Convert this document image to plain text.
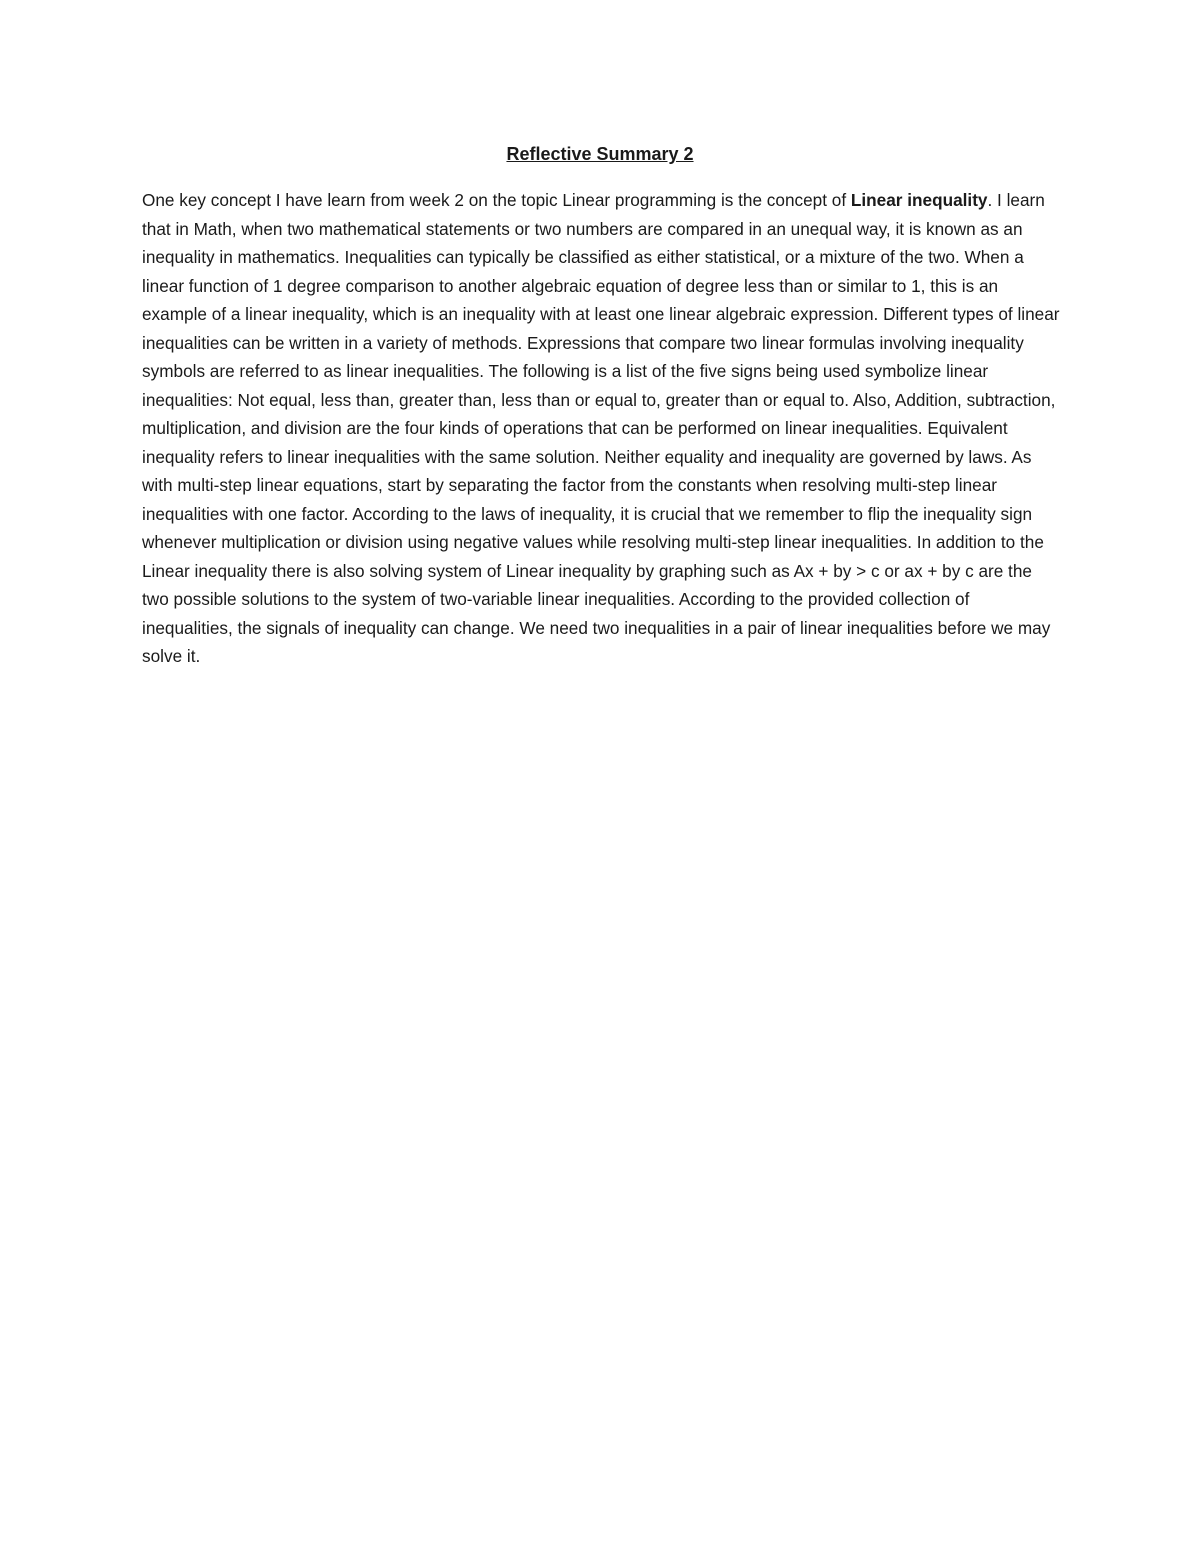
Reflective Summary 2

One key concept I have learn from week 2 on the topic Linear programming is the concept of Linear inequality. I learn that in Math, when two mathematical statements or two numbers are compared in an unequal way, it is known as an inequality in mathematics. Inequalities can typically be classified as either statistical, or a mixture of the two. When a linear function of 1 degree comparison to another algebraic equation of degree less than or similar to 1, this is an example of a linear inequality, which is an inequality with at least one linear algebraic expression. Different types of linear inequalities can be written in a variety of methods. Expressions that compare two linear formulas involving inequality symbols are referred to as linear inequalities. The following is a list of the five signs being used symbolize linear inequalities: Not equal, less than, greater than, less than or equal to, greater than or equal to. Also, Addition, subtraction, multiplication, and division are the four kinds of operations that can be performed on linear inequalities. Equivalent inequality refers to linear inequalities with the same solution. Neither equality and inequality are governed by laws. As with multi-step linear equations, start by separating the factor from the constants when resolving multi-step linear inequalities with one factor. According to the laws of inequality, it is crucial that we remember to flip the inequality sign whenever multiplication or division using negative values while resolving multi-step linear inequalities. In addition to the Linear inequality there is also solving system of Linear inequality by graphing such as Ax + by > c or ax + by c are the two possible solutions to the system of two-variable linear inequalities. According to the provided collection of inequalities, the signals of inequality can change. We need two inequalities in a pair of linear inequalities before we may solve it.
